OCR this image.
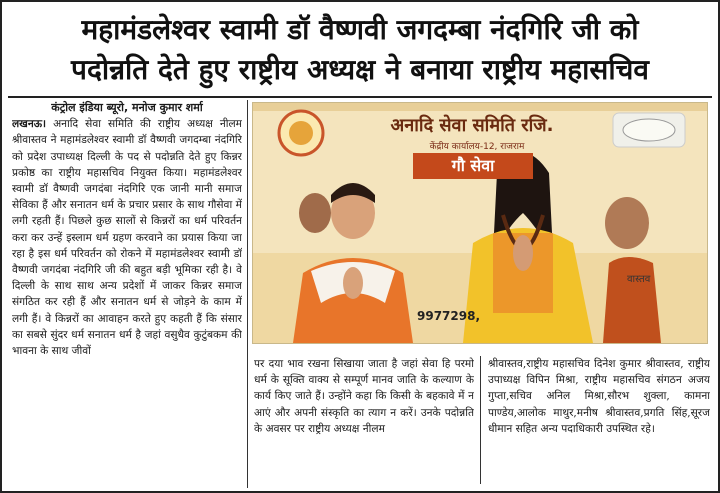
महामंडलेश्वर स्वामी डॉ वैष्णवी जगदम्बा नंदगिरि जी को
पदोन्नति देते हुए राष्ट्रीय अध्यक्ष ने बनाया राष्ट्रीय महासचिव
कंट्रोल इंडिया ब्यूरो, मनोज कुमार शर्मा
लखनऊ। अनादि सेवा समिति की राष्ट्रीय अध्यक्ष नीलम श्रीवास्तव ने महामंडलेश्वर स्वामी डॉ वैष्णवी जगदम्बा नंदगिरि को प्रदेश उपाध्यक्ष दिल्ली के पद से पदोन्नति देते हुए किन्नर प्रकोष्ठ का राष्ट्रीय महासचिव नियुक्त किया। महामंडलेश्वर स्वामी डॉ वैष्णवी जगदंबा नंदगिरि एक जानी मानी समाज सेविका हैं और सनातन धर्म के प्रचार प्रसार के साथ गौसेवा में लगी रहती हैं। पिछले कुछ सालों से किन्नरों का धर्म परिवर्तन करा कर उन्हें इस्लाम धर्म ग्रहण करवाने का प्रयास किया जा रहा है इस धर्म परिवर्तन को रोकने में महामंडलेश्वर स्वामी डॉ वैष्णवी जगदंबा नंदगिरि जी की बहुत बड़ी भूमिका रही है। वे दिल्ली के साथ साथ अन्य प्रदेशों में जाकर किन्नर समाज संगठित कर रही हैं और सनातन धर्म से जोड़ने के काम में लगी हैं। वे किन्नरों का आवाहन करते हुए कहती हैं कि संसार का सबसे सुंदर धर्म सनातन धर्म है जहां वसुधैव कुटुंबकम की भावना के साथ जीवों
अनादि सेवा समिति रजि.
केंद्रीय कार्यालय-12, राजराम
गौ सेवा
9977298,
वास्तव
पर दया भाव रखना सिखाया जाता है जहां सेवा हि परमो धर्म के सूक्ति वाक्य से सम्पूर्ण मानव जाति के कल्याण के कार्य किए जाते हैं। उन्होंने कहा कि किसी के बहकावे में न आएं और अपनी संस्कृति का त्याग न करें। उनके पदोन्नति के अवसर पर राष्ट्रीय अध्यक्ष नीलम
श्रीवास्तव,राष्ट्रीय महासचिव दिनेश कुमार श्रीवास्तव, राष्ट्रीय उपाध्यक्ष विपिन मिश्रा, राष्ट्रीय महासचिव संगठन अजय गुप्ता,सचिव अनिल मिश्रा,सौरभ शुक्ला, कामना पाण्डेय,आलोक माथुर,मनीष श्रीवास्तव,प्रगति सिंह,सूरज धीमान सहित अन्य पदाधिकारी उपस्थित रहे।
